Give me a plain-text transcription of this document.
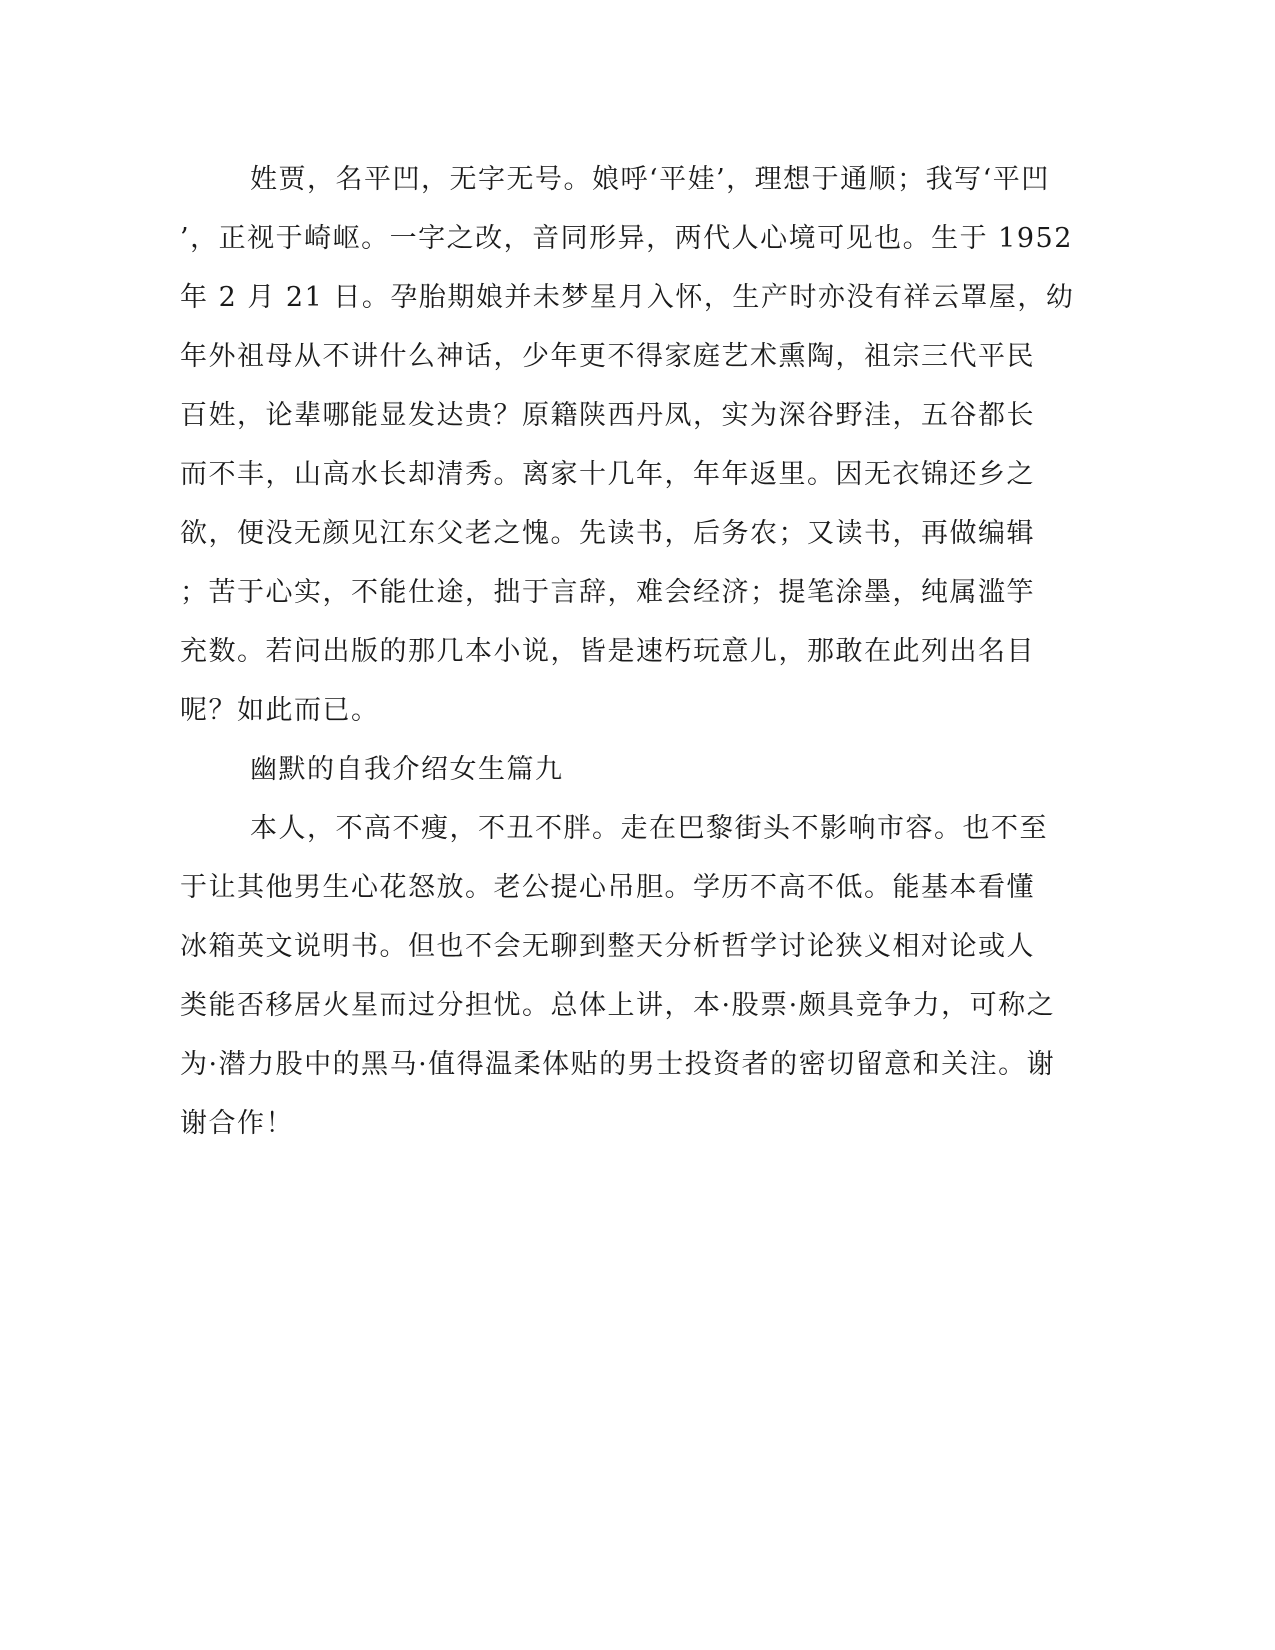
姓贾，名平凹，无字无号。娘呼‘平娃’，理想于通顺；我写‘平凹

’，正视于崎岖。一字之改，音同形异，两代人心境可见也。生于 1952

年 2 月 21 日。孕胎期娘并未梦星月入怀，生产时亦没有祥云罩屋，幼

年外祖母从不讲什么神话，少年更不得家庭艺术熏陶，祖宗三代平民

百姓，论辈哪能显发达贵？原籍陕西丹凤，实为深谷野洼，五谷都长

而不丰，山高水长却清秀。离家十几年，年年返里。因无衣锦还乡之

欲，便没无颜见江东父老之愧。先读书，后务农；又读书，再做编辑

；苦于心实，不能仕途，拙于言辞，难会经济；提笔涂墨，纯属滥竽

充数。若问出版的那几本小说，皆是速朽玩意儿，那敢在此列出名目

呢？如此而已。

幽默的自我介绍女生篇九

本人，不高不瘦，不丑不胖。走在巴黎街头不影响市容。也不至

于让其他男生心花怒放。老公提心吊胆。学历不高不低。能基本看懂

冰箱英文说明书。但也不会无聊到整天分析哲学讨论狭义相对论或人

类能否移居火星而过分担忧。总体上讲，本·股票·颇具竞争力，可称之

为·潜力股中的黑马·值得温柔体贴的男士投资者的密切留意和关注。谢

谢合作！
